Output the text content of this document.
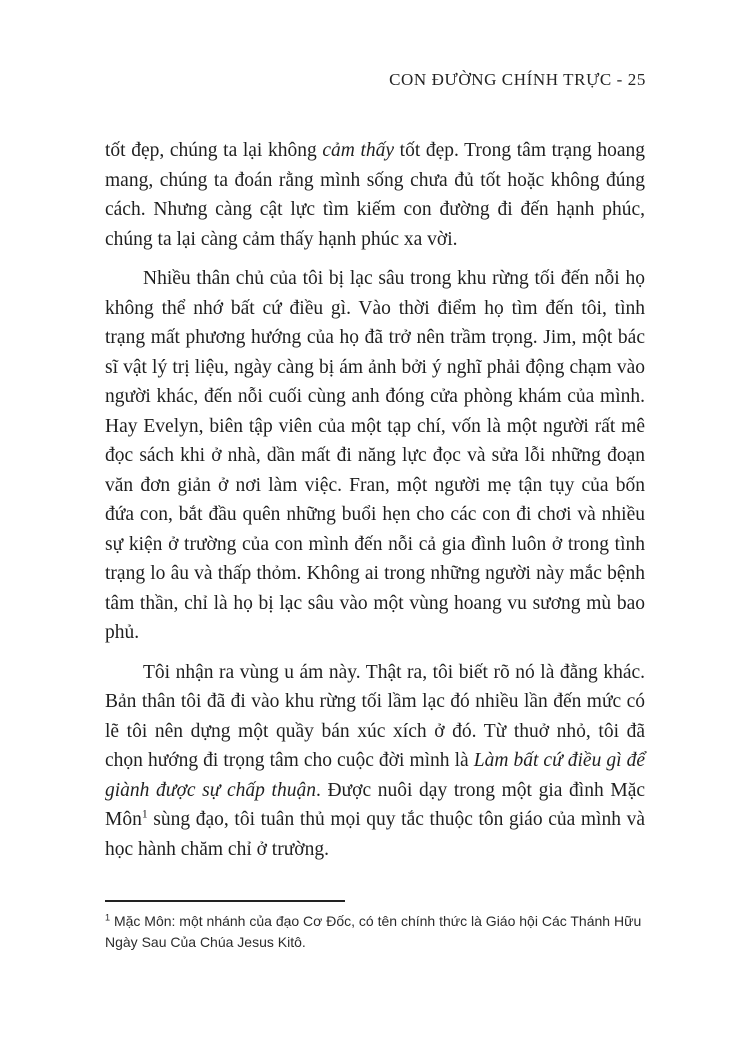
CON ĐƯỜNG CHÍNH TRỰC - 25

tốt đẹp, chúng ta lại không cảm thấy tốt đẹp. Trong tâm trạng hoang mang, chúng ta đoán rằng mình sống chưa đủ tốt hoặc không đúng cách. Nhưng càng cật lực tìm kiếm con đường đi đến hạnh phúc, chúng ta lại càng cảm thấy hạnh phúc xa vời.

Nhiều thân chủ của tôi bị lạc sâu trong khu rừng tối đến nỗi họ không thể nhớ bất cứ điều gì. Vào thời điểm họ tìm đến tôi, tình trạng mất phương hướng của họ đã trở nên trầm trọng. Jim, một bác sĩ vật lý trị liệu, ngày càng bị ám ảnh bởi ý nghĩ phải động chạm vào người khác, đến nỗi cuối cùng anh đóng cửa phòng khám của mình. Hay Evelyn, biên tập viên của một tạp chí, vốn là một người rất mê đọc sách khi ở nhà, dần mất đi năng lực đọc và sửa lỗi những đoạn văn đơn giản ở nơi làm việc. Fran, một người mẹ tận tụy của bốn đứa con, bắt đầu quên những buổi hẹn cho các con đi chơi và nhiều sự kiện ở trường của con mình đến nỗi cả gia đình luôn ở trong tình trạng lo âu và thấp thỏm. Không ai trong những người này mắc bệnh tâm thần, chỉ là họ bị lạc sâu vào một vùng hoang vu sương mù bao phủ.

Tôi nhận ra vùng u ám này. Thật ra, tôi biết rõ nó là đằng khác. Bản thân tôi đã đi vào khu rừng tối lầm lạc đó nhiều lần đến mức có lẽ tôi nên dựng một quầy bán xúc xích ở đó. Từ thuở nhỏ, tôi đã chọn hướng đi trọng tâm cho cuộc đời mình là Làm bất cứ điều gì để giành được sự chấp thuận. Được nuôi dạy trong một gia đình Mặc Môn$^1$ sùng đạo, tôi tuân thủ mọi quy tắc thuộc tôn giáo của mình và học hành chăm chỉ ở trường.

$^1$ Mặc Môn: một nhánh của đạo Cơ Đốc, có tên chính thức là Giáo hội Các Thánh Hữu Ngày Sau Của Chúa Jesus Kitô.
